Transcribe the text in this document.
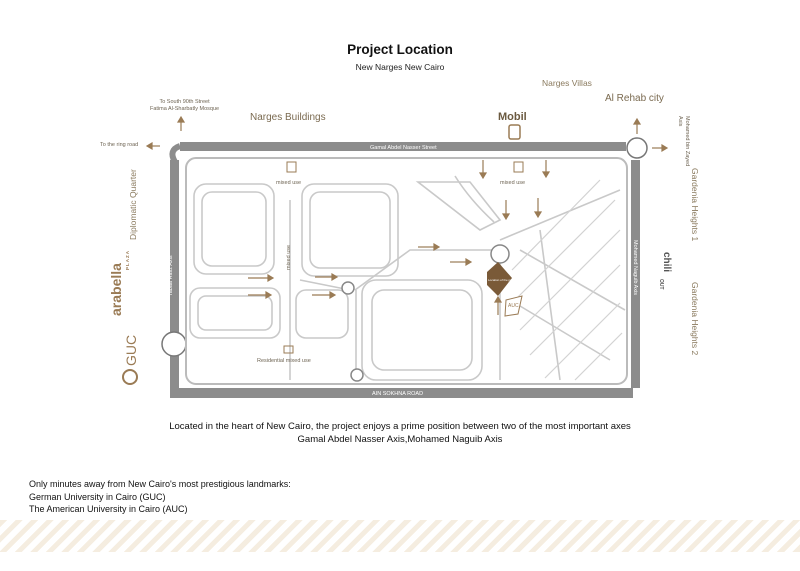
Project Location
New Narges New Cairo
Narges Villas
Al Rehab city
Narges Buildings	Mobil
To South 90th Street
Fatima Al-Sharbatly Mosque
To the ring road	Gamal Abdel Nasser Street
Mohamed bin Zayed
Axis
Diplomatic Quarter
arabella
PLAZA
GUC
Tabaa Hafiz Axis
mixed use	mixed use
mixed use
Residential mixed use
Mohamed Naguib Axis chili
OUT
Gardenia Heights 1
Gardenia Heights 2
AIN SOKHNA ROAD
Location of the project
AUC
Located in the heart of New Cairo, the project enjoys a prime position between two of the most important axes
Gamal Abdel Nasser Axis,Mohamed Naguib Axis
Only minutes away from New Cairo's most prestigious landmarks:
German University in Cairo (GUC)
The American University in Cairo (AUC)
